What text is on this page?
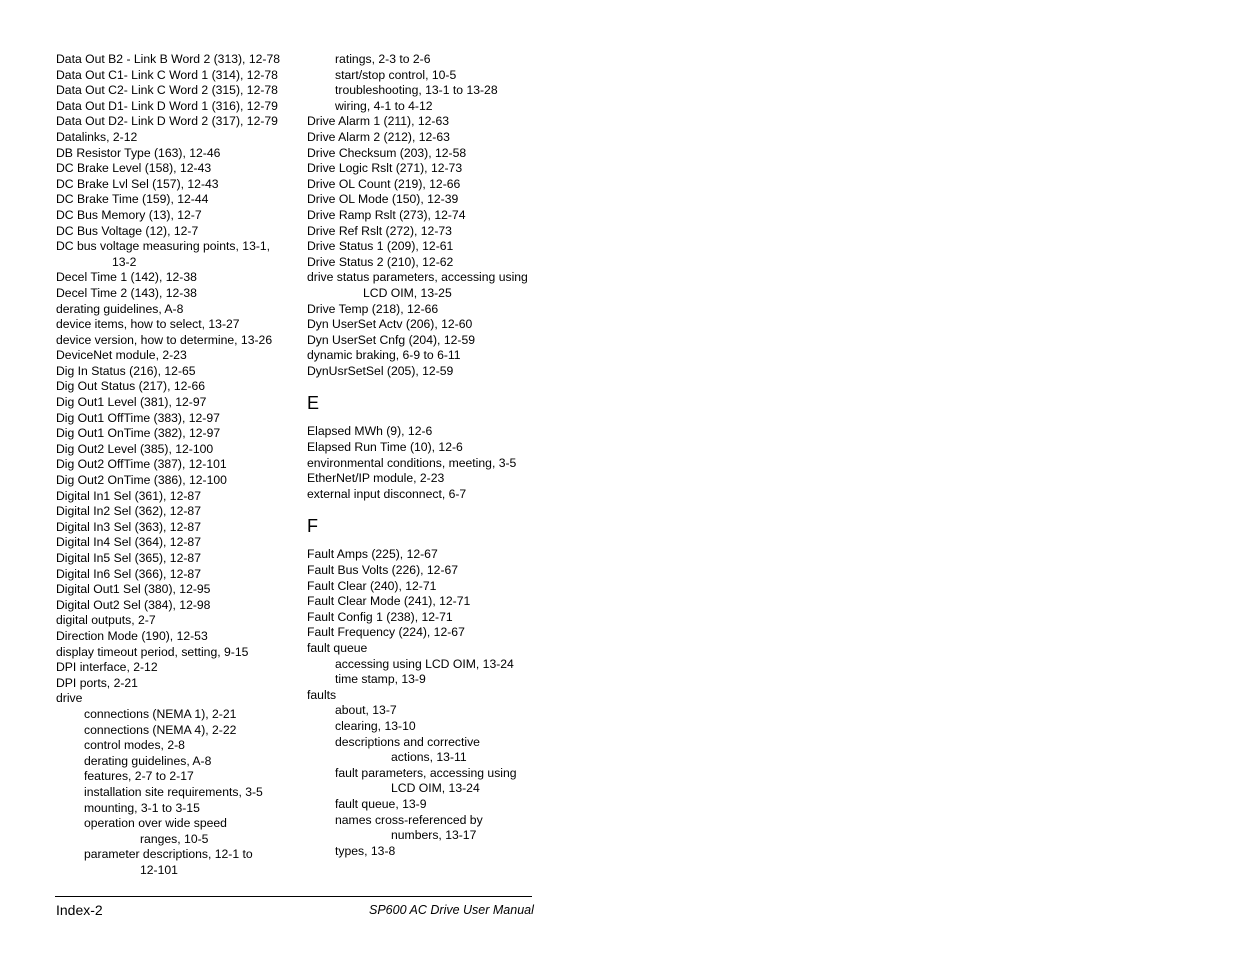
Data Out B2 - Link B Word 2 (313), 12-78
Data Out C1- Link C Word 1 (314), 12-78
Data Out C2- Link C Word 2 (315), 12-78
Data Out D1- Link D Word 1 (316), 12-79
Data Out D2- Link D Word 2 (317), 12-79
Datalinks, 2-12
DB Resistor Type (163), 12-46
DC Brake Level (158), 12-43
DC Brake Lvl Sel (157), 12-43
DC Brake Time (159), 12-44
DC Bus Memory (13), 12-7
DC Bus Voltage (12), 12-7
DC bus voltage measuring points, 13-1,
13-2
Decel Time 1 (142), 12-38
Decel Time 2 (143), 12-38
derating guidelines, A-8
device items, how to select, 13-27
device version, how to determine, 13-26
DeviceNet module, 2-23
Dig In Status (216), 12-65
Dig Out Status (217), 12-66
Dig Out1 Level (381), 12-97
Dig Out1 OffTime (383), 12-97
Dig Out1 OnTime (382), 12-97
Dig Out2 Level (385), 12-100
Dig Out2 OffTime (387), 12-101
Dig Out2 OnTime (386), 12-100
Digital In1 Sel (361), 12-87
Digital In2 Sel (362), 12-87
Digital In3 Sel (363), 12-87
Digital In4 Sel (364), 12-87
Digital In5 Sel (365), 12-87
Digital In6 Sel (366), 12-87
Digital Out1 Sel (380), 12-95
Digital Out2 Sel (384), 12-98
digital outputs, 2-7
Direction Mode (190), 12-53
display timeout period, setting, 9-15
DPI interface, 2-12
DPI ports, 2-21
drive
connections (NEMA 1), 2-21
connections (NEMA 4), 2-22
control modes, 2-8
derating guidelines, A-8
features, 2-7 to 2-17
installation site requirements, 3-5
mounting, 3-1 to 3-15
operation over wide speed
ranges, 10-5
parameter descriptions, 12-1 to
12-101
ratings, 2-3 to 2-6
start/stop control, 10-5
troubleshooting, 13-1 to 13-28
wiring, 4-1 to 4-12
Drive Alarm 1 (211), 12-63
Drive Alarm 2 (212), 12-63
Drive Checksum (203), 12-58
Drive Logic Rslt (271), 12-73
Drive OL Count (219), 12-66
Drive OL Mode (150), 12-39
Drive Ramp Rslt (273), 12-74
Drive Ref Rslt (272), 12-73
Drive Status 1 (209), 12-61
Drive Status 2 (210), 12-62
drive status parameters, accessing using
LCD OIM, 13-25
Drive Temp (218), 12-66
Dyn UserSet Actv (206), 12-60
Dyn UserSet Cnfg (204), 12-59
dynamic braking, 6-9 to 6-11
DynUsrSetSel (205), 12-59
E
Elapsed MWh (9), 12-6
Elapsed Run Time (10), 12-6
environmental conditions, meeting, 3-5
EtherNet/IP module, 2-23
external input disconnect, 6-7
F
Fault Amps (225), 12-67
Fault Bus Volts (226), 12-67
Fault Clear (240), 12-71
Fault Clear Mode (241), 12-71
Fault Config 1 (238), 12-71
Fault Frequency (224), 12-67
fault queue
accessing using LCD OIM, 13-24
time stamp, 13-9
faults
about, 13-7
clearing, 13-10
descriptions and corrective
actions, 13-11
fault parameters, accessing using
LCD OIM, 13-24
fault queue, 13-9
names cross-referenced by
numbers, 13-17
types, 13-8
Index-2	SP600 AC Drive User Manual
